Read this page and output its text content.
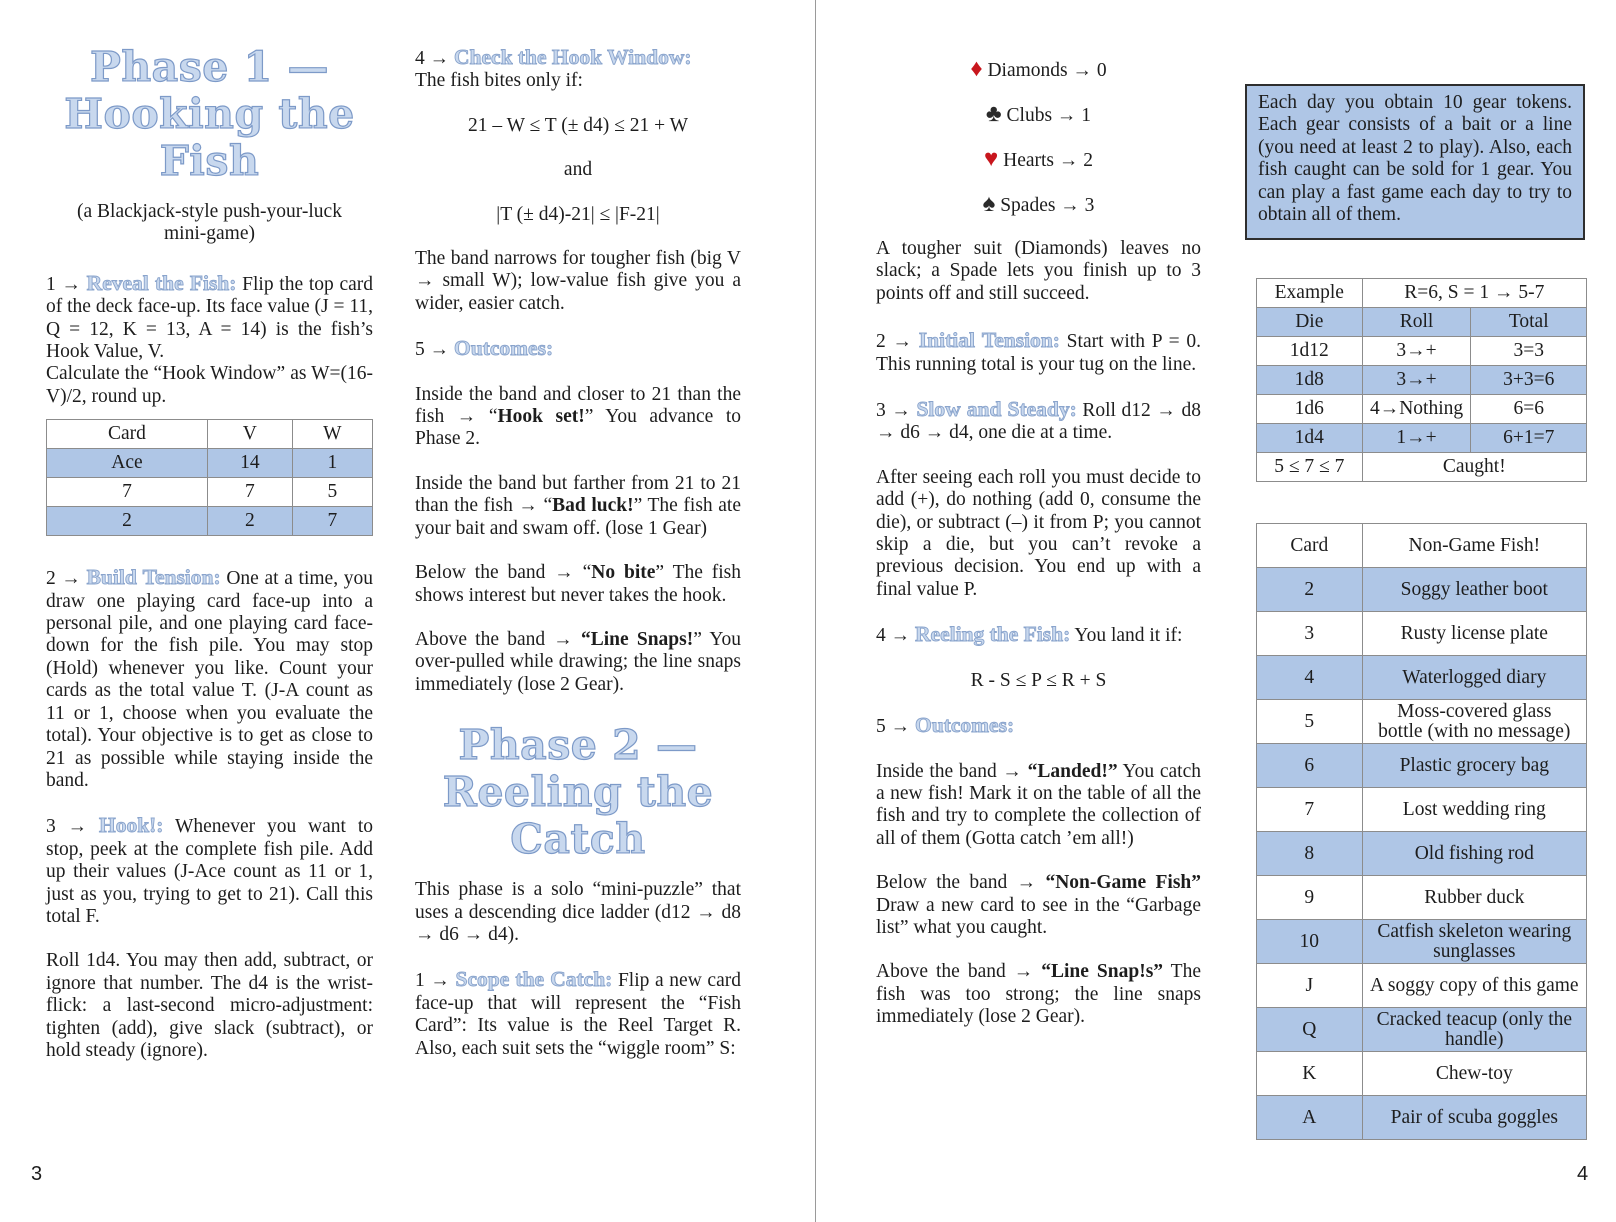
Phase 1 —
Hooking the
Fish

(a Blackjack-style push-your-luck mini-game)

1 → Reveal the Fish: Flip the top card of the deck face-up. Its face value (J = 11, Q = 12, K = 13, A = 14) is the fish’s Hook Value, V.

Calculate the “Hook Window” as W=(16-V)/2, round up.

Card	V	W
Ace	14	1
7	7	5
2	2	7

2 → Build Tension: One at a time, you draw one playing card face-up into a personal pile, and one playing card face-down for the fish pile. You may stop (Hold) whenever you like. Count your cards as the total value T. (J-A count as 11 or 1, choose when you evaluate the total). Your objective is to get as close to 21 as possible while staying inside the band.

3 → Hook!: Whenever you want to stop, peek at the complete fish pile. Add up their values (J-Ace count as 11 or 1, just as you, trying to get to 21). Call this total F.

Roll 1d4. You may then add, subtract, or ignore that number. The d4 is the wrist-flick: a last-second micro-adjustment: tighten (add), give slack (subtract), or hold steady (ignore).

4 → Check the Hook Window:

The fish bites only if:

21 – W ≤ T (± d4) ≤ 21 + W

and

|T (± d4)-21| ≤ |F-21|

The band narrows for tougher fish (big V → small W); low-value fish give you a wider, easier catch.

5 → Outcomes:

Inside the band and closer to 21 than the fish → “Hook set!” You advance to Phase 2.

Inside the band but farther from 21 to 21 than the fish → “Bad luck!” The fish ate your bait and swam off. (lose 1 Gear)

Below the band → “No bite” The fish shows interest but never takes the hook.

Above the band → “Line Snaps!” You over-pulled while drawing; the line snaps immediately (lose 2 Gear).

Phase 2 —
Reeling the
Catch

This phase is a solo “mini-puzzle” that uses a descending dice ladder (d12 → d8 → d6 → d4).

1 → Scope the Catch: Flip a new card face-up that will represent the “Fish Card”: Its value is the Reel Target R. Also, each suit sets the “wiggle room” S:

3
♦ Diamonds → 0
♣ Clubs → 1
♥ Hearts → 2
♠ Spades → 3

A tougher suit (Diamonds) leaves no slack; a Spade lets you finish up to 3 points off and still succeed.

2 → Initial Tension: Start with P = 0. This running total is your tug on the line.

3 → Slow and Steady: Roll d12 → d8 → d6 → d4, one die at a time.

After seeing each roll you must decide to add (+), do nothing (add 0, consume the die), or subtract (–) it from P; you cannot skip a die, but you can’t revoke a previous decision. You end up with a final value P.

4 → Reeling the Fish: You land it if:

R - S ≤ P ≤ R + S

5 → Outcomes:

Inside the band → “Landed!” You catch a new fish! Mark it on the table of all the fish and try to complete the collection of all of them (Gotta catch ’em all!)

Below the band → “Non-Game Fish” Draw a new card to see in the “Garbage list” what you caught.

Above the band → “Line Snap!s” The fish was too strong; the line snaps immediately (lose 2 Gear).

Each day you obtain 10 gear tokens. Each gear consists of a bait or a line (you need at least 2 to play). Also, each fish caught can be sold for 1 gear. You can play a fast game each day to try to obtain all of them.

Example	R=6, S = 1 → 5-7	
Die	Roll	Total
1d12	3→+	3=3
1d8	3→+	3+3=6
1d6	4→Nothing	6=6
1d4	1→+	6+1=7
5 ≤ 7 ≤ 7	Caught!	
Card	Non-Game Fish!
2	Soggy leather boot
3	Rusty license plate
4	Waterlogged diary
5	Moss-covered glass bottle (with no message)
6	Plastic grocery bag
7	Lost wedding ring
8	Old fishing rod
9	Rubber duck
10	Catfish skeleton wearing sunglasses
J	A soggy copy of this game
Q	Cracked teacup (only the handle)
K	Chew-toy
A	Pair of scuba goggles
4
